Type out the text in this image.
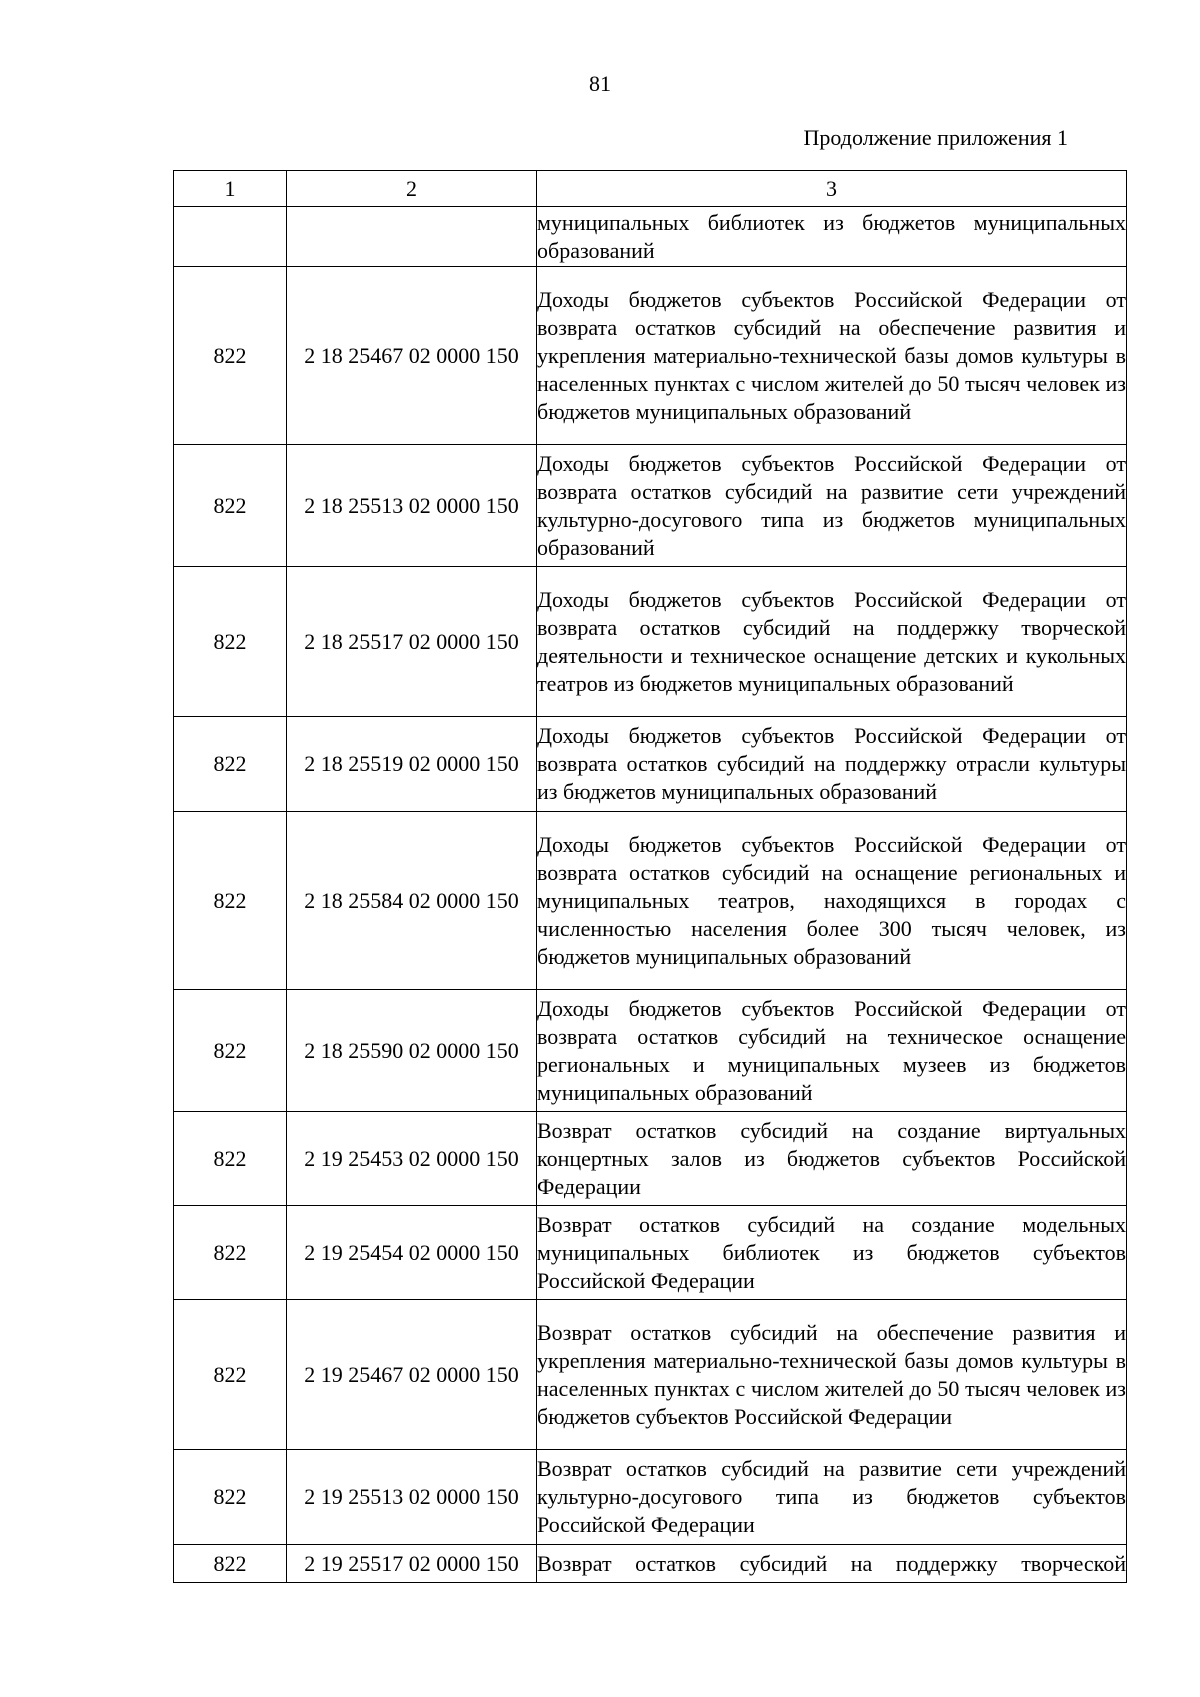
81
Продолжение приложения 1
1	2	3
		муниципальных библиотек из бюджетов муниципальных образований
822	2 18 25467 02 0000 150	Доходы бюджетов субъектов Российской Федерации от возврата остатков субсидий на обеспечение развития и укрепления материально-технической базы домов культуры в населенных пунктах с числом жителей до 50 тысяч человек из бюджетов муниципальных образований
822	2 18 25513 02 0000 150	Доходы бюджетов субъектов Российской Федерации от возврата остатков субсидий на развитие сети учреждений культурно-досугового типа из бюджетов муниципальных образований
822	2 18 25517 02 0000 150	Доходы бюджетов субъектов Российской Федерации от возврата остатков субсидий на поддержку творческой деятельности и техническое оснащение детских и кукольных театров из бюджетов муниципальных образований
822	2 18 25519 02 0000 150	Доходы бюджетов субъектов Российской Федерации от возврата остатков субсидий на поддержку отрасли культуры из бюджетов муниципальных образований
822	2 18 25584 02 0000 150	Доходы бюджетов субъектов Российской Федерации от возврата остатков субсидий на оснащение региональных и муниципальных театров, находящихся в городах с численностью населения более 300 тысяч человек, из бюджетов муниципальных образований
822	2 18 25590 02 0000 150	Доходы бюджетов субъектов Российской Федерации от возврата остатков субсидий на техническое оснащение региональных и муниципальных музеев из бюджетов муниципальных образований
822	2 19 25453 02 0000 150	Возврат остатков субсидий на создание виртуальных концертных залов из бюджетов субъектов Российской Федерации
822	2 19 25454 02 0000 150	Возврат остатков субсидий на создание модельных муниципальных библиотек из бюджетов субъектов Российской Федерации
822	2 19 25467 02 0000 150	Возврат остатков субсидий на обеспечение развития и укрепления материально-технической базы домов культуры в населенных пунктах с числом жителей до 50 тысяч человек из бюджетов субъектов Российской Федерации
822	2 19 25513 02 0000 150	Возврат остатков субсидий на развитие сети учреждений культурно-досугового типа из бюджетов субъектов Российской Федерации
822	2 19 25517 02 0000 150	Возврат остатков субсидий на поддержку творческой
